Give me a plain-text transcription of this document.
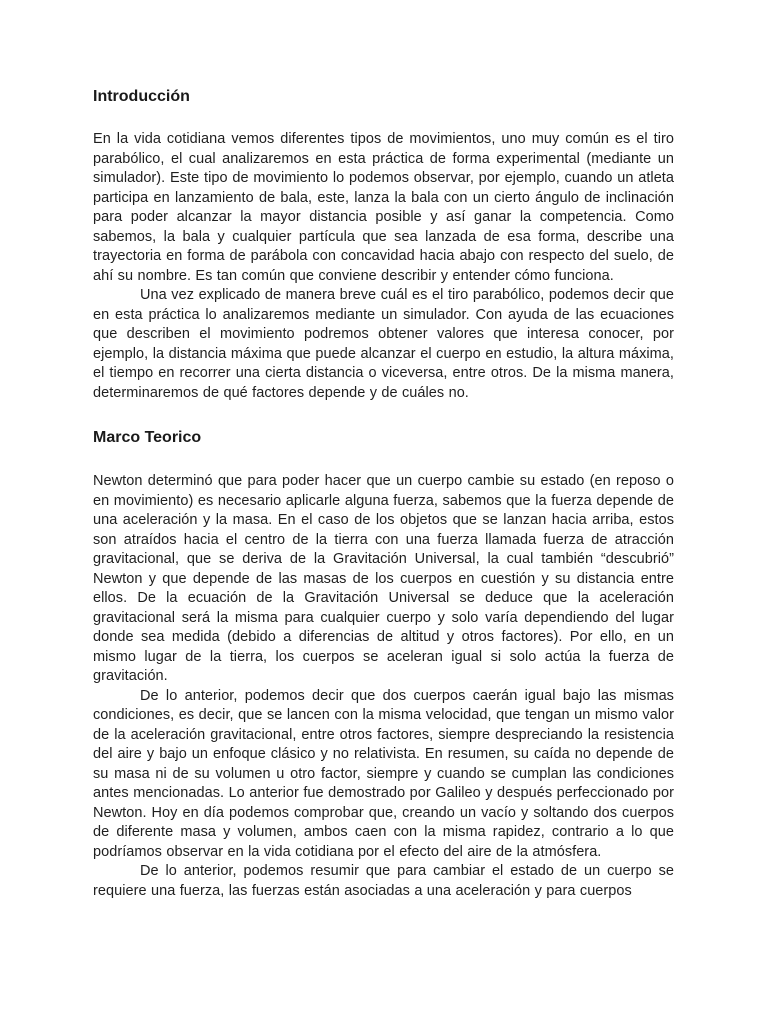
Introducción

En la vida cotidiana vemos diferentes tipos de movimientos, uno muy común es el tiro parabólico, el cual analizaremos en esta práctica de forma experimental (mediante un simulador). Este tipo de movimiento lo podemos observar, por ejemplo, cuando un atleta participa en lanzamiento de bala, este, lanza la bala con un cierto ángulo de inclinación para poder alcanzar la mayor distancia posible y así ganar la competencia. Como sabemos, la bala y cualquier partícula que sea lanzada de esa forma, describe una trayectoria en forma de parábola con concavidad hacia abajo con respecto del suelo, de ahí su nombre. Es tan común que conviene describir y entender cómo funciona.

Una vez explicado de manera breve cuál es el tiro parabólico, podemos decir que en esta práctica lo analizaremos mediante un simulador. Con ayuda de las ecuaciones que describen el movimiento podremos obtener valores que interesa conocer, por ejemplo, la distancia máxima que puede alcanzar el cuerpo en estudio, la altura máxima, el tiempo en recorrer una cierta distancia o viceversa, entre otros. De la misma manera, determinaremos de qué factores depende y de cuáles no.

Marco Teorico

Newton determinó que para poder hacer que un cuerpo cambie su estado (en reposo o en movimiento) es necesario aplicarle alguna fuerza, sabemos que la fuerza depende de una aceleración y la masa. En el caso de los objetos que se lanzan hacia arriba, estos son atraídos hacia el centro de la tierra con una fuerza llamada fuerza de atracción gravitacional, que se deriva de la Gravitación Universal, la cual también “descubrió” Newton y que depende de las masas de los cuerpos en cuestión y su distancia entre ellos. De la ecuación de la Gravitación Universal se deduce que la aceleración gravitacional será la misma para cualquier cuerpo y solo varía dependiendo del lugar donde sea medida (debido a diferencias de altitud y otros factores). Por ello, en un mismo lugar de la tierra, los cuerpos se aceleran igual si solo actúa la fuerza de gravitación.

De lo anterior, podemos decir que dos cuerpos caerán igual bajo las mismas condiciones, es decir, que se lancen con la misma velocidad, que tengan un mismo valor de la aceleración gravitacional, entre otros factores, siempre despreciando la resistencia del aire y bajo un enfoque clásico y no relativista. En resumen, su caída no depende de su masa ni de su volumen u otro factor, siempre y cuando se cumplan las condiciones antes mencionadas. Lo anterior fue demostrado por Galileo y después perfeccionado por Newton. Hoy en día podemos comprobar que, creando un vacío y soltando dos cuerpos de diferente masa y volumen, ambos caen con la misma rapidez, contrario a lo que podríamos observar en la vida cotidiana por el efecto del aire de la atmósfera.

De lo anterior, podemos resumir que para cambiar el estado de un cuerpo se requiere una fuerza, las fuerzas están asociadas a una aceleración y para cuerpos
